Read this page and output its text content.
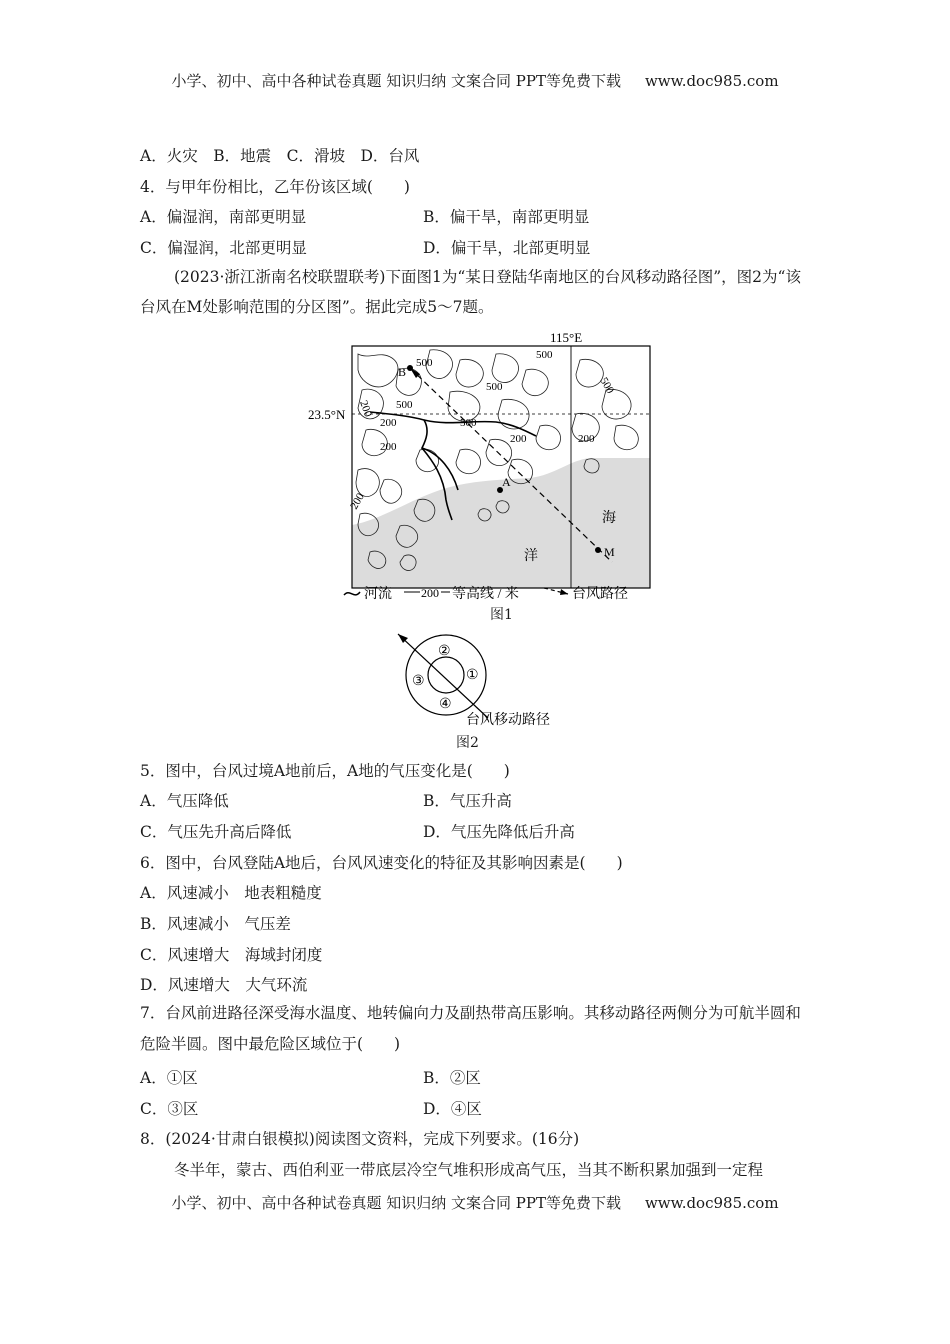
小学、初中、高中各种试卷真题 知识归纳 文案合同 PPT等免费下载 www.doc985.com
A．火灾　B．地震　C．滑坡　D．台风
4．与甲年份相比，乙年份该区域(　　)
A．偏湿润，南部更明显	B．偏干旱，南部更明显
C．偏湿润，北部更明显	D．偏干旱，北部更明显
(2023·浙江浙南名校联盟联考)下面图1为“某日登陆华南地区的台风移动路径图”，图2为“该台风在M处影响范围的分区图”。据此完成5～7题。
115°E
23.5°N
B
A
M
海
洋
500
500
500
200
200
200
200
500
200	200
500
500
河流 200 等高线 / 米	台风路径
图1
②
①
③
④
台风移动路径
图2
5．图中，台风过境A地前后，A地的气压变化是(　　)
A．气压降低	B．气压升高
C．气压先升高后降低	D．气压先降低后升高
6．图中，台风登陆A地后，台风风速变化的特征及其影响因素是(　　)
A．风速减小　地表粗糙度
B．风速减小　气压差
C．风速增大　海域封闭度
D．风速增大　大气环流
7．台风前进路径深受海水温度、地转偏向力及副热带高压影响。其移动路径两侧分为可航半圆和危险半圆。图中最危险区域位于(　　)
A．①区	B．②区
C．③区	D．④区
8．(2024·甘肃白银模拟)阅读图文资料，完成下列要求。(16分)
冬半年，蒙古、西伯利亚一带底层冷空气堆积形成高气压，当其不断积累加强到一定程
小学、初中、高中各种试卷真题 知识归纳 文案合同 PPT等免费下载 www.doc985.com
